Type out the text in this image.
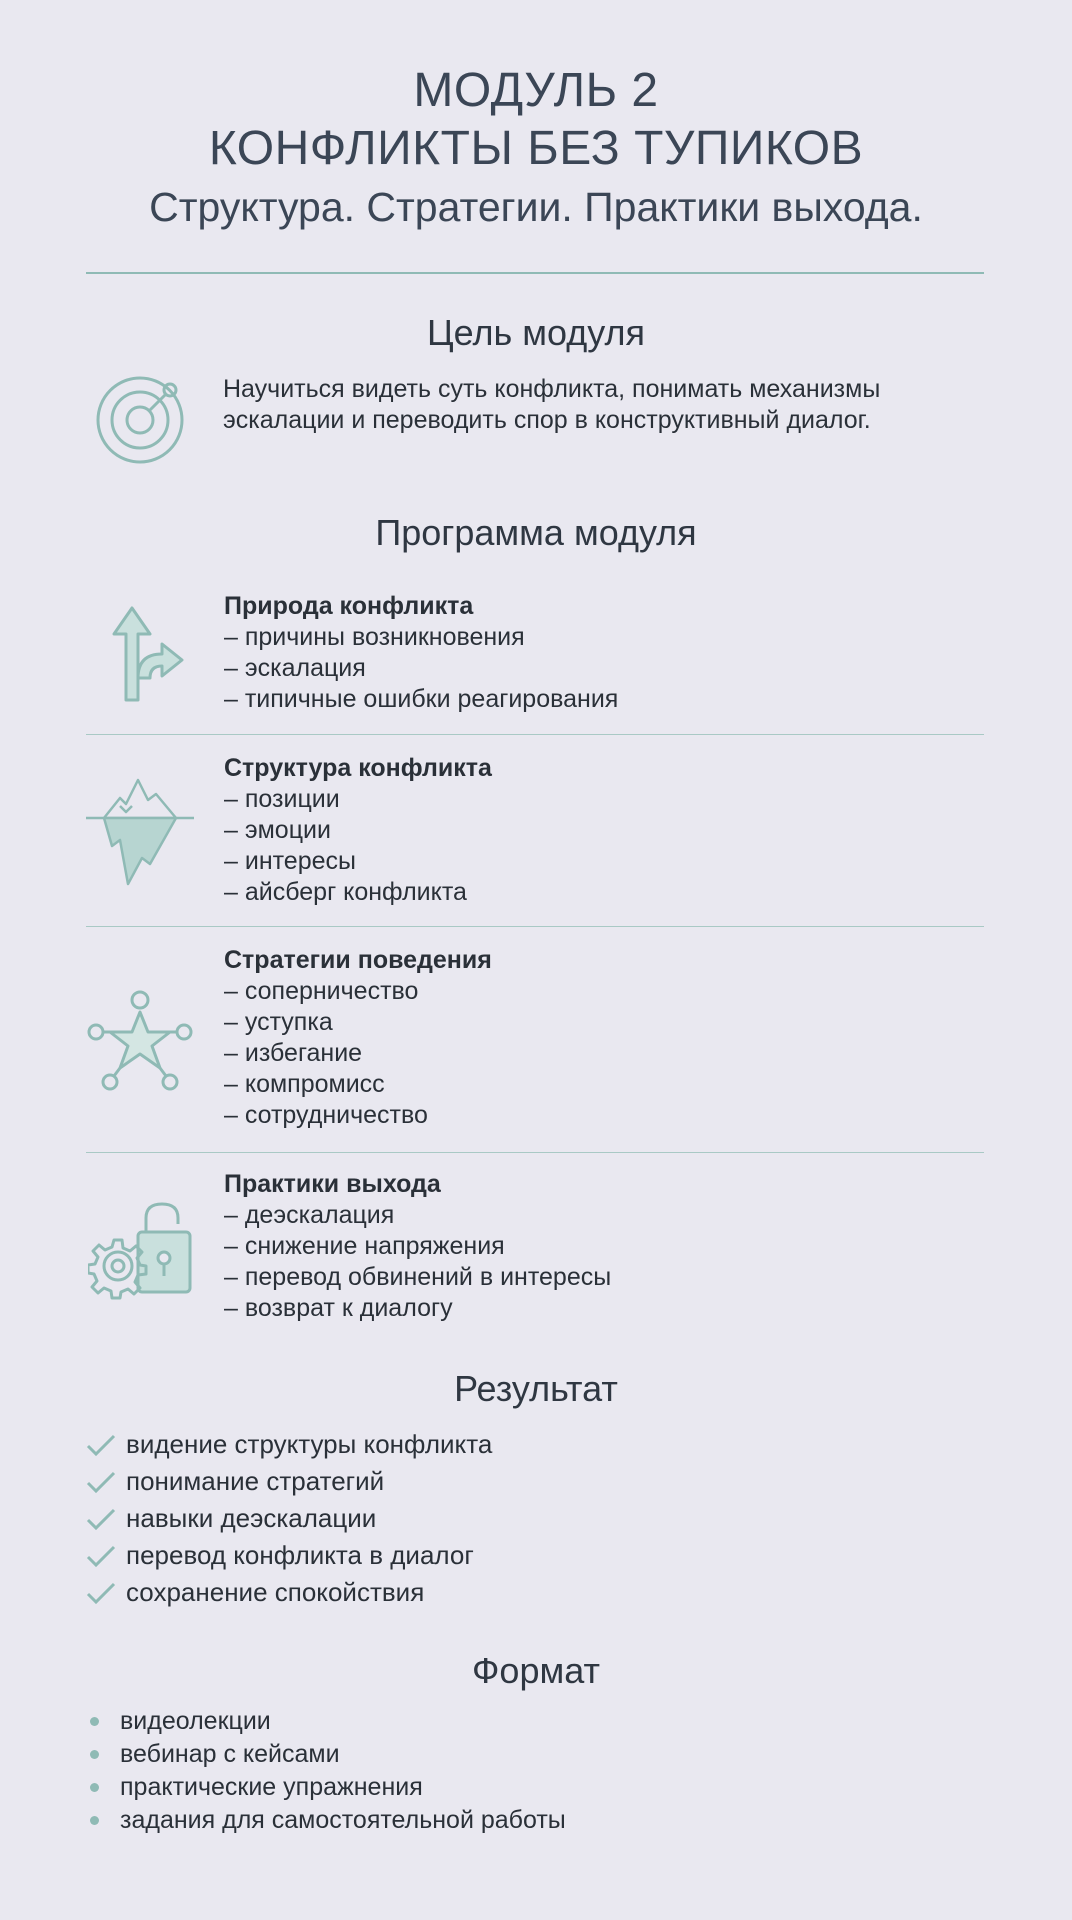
МОДУЛЬ 2
КОНФЛИКТЫ БЕЗ ТУПИКОВ
Структура. Стратегии. Практики выхода.
Цель модуля
Научиться видеть суть конфликта, понимать механизмы эскалации и переводить спор в конструктивный диалог.
Программа модуля
Природа конфликта
– причины возникновения
– эскалация
– типичные ошибки реагирования
Структура конфликта
– позиции
– эмоции
– интересы
– айсберг конфликта
Стратегии поведения
– соперничество
– уступка
– избегание
– компромисс
– сотрудничество
Практики выхода
– деэскалация
– снижение напряжения
– перевод обвинений в интересы
– возврат к диалогу
Результат
видение структуры конфликта
понимание стратегий
навыки деэскалации
перевод конфликта в диалог
сохранение спокойствия
Формат
видеолекции
вебинар с кейсами
практические упражнения
задания для самостоятельной работы
